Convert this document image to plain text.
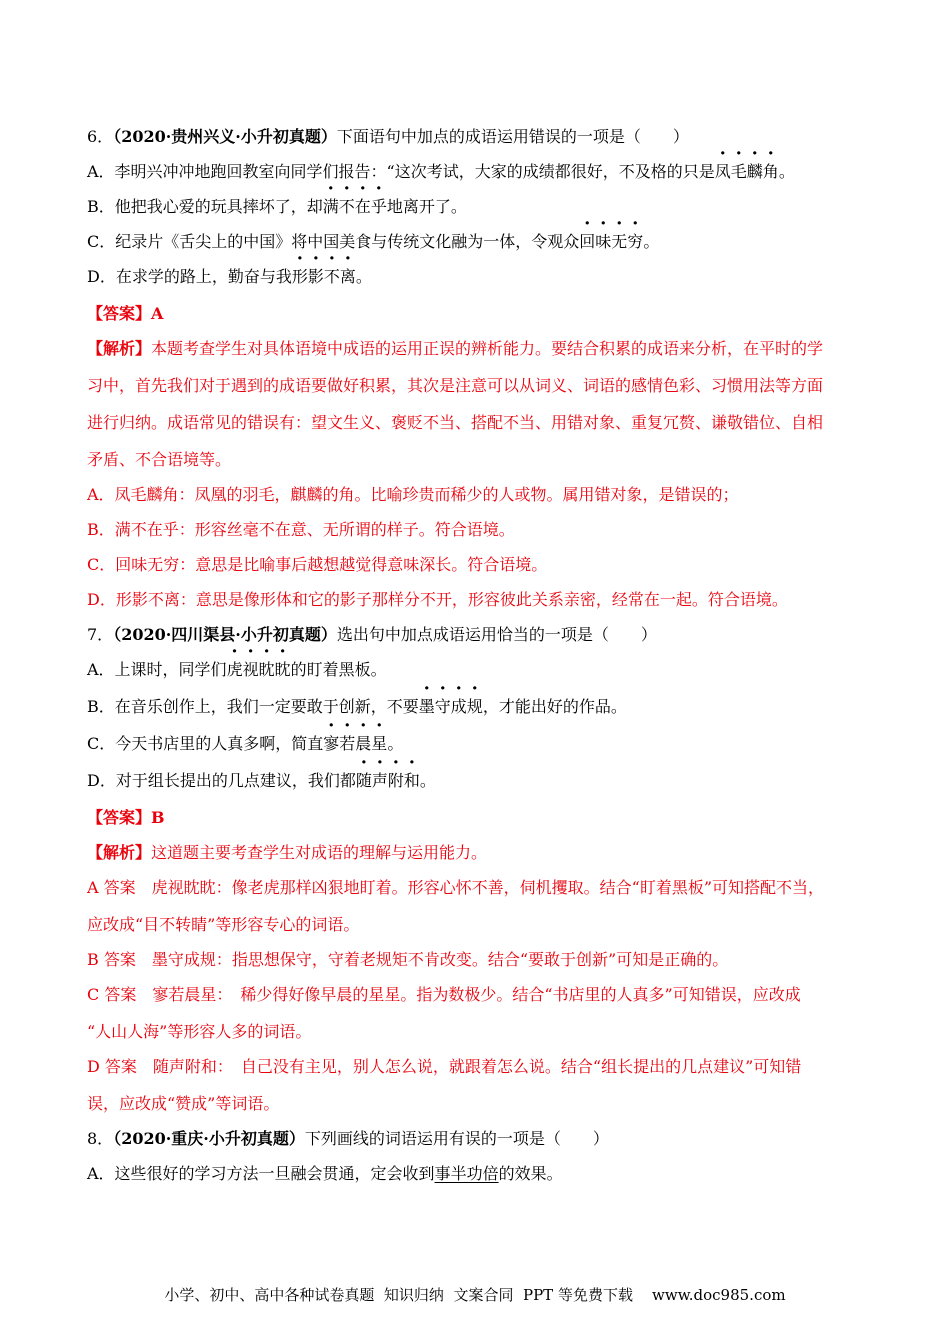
6．（2020·贵州兴义·小升初真题）下面语句中加点的成语运用错误的一项是（　　）

A．李明兴冲冲地跑回教室向同学们报告：“这次考试，大家的成绩都很好，不及格的只是凤毛麟角。

B．他把我心爱的玩具摔坏了，却满不在乎地离开了。

C．纪录片《舌尖上的中国》将中国美食与传统文化融为一体，令观众回味无穷。

D．在求学的路上，勤奋与我形影不离。

【答案】A

【解析】本题考查学生对具体语境中成语的运用正误的辨析能力。要结合积累的成语来分析，在平时的学

习中，首先我们对于遇到的成语要做好积累，其次是注意可以从词义、词语的感情色彩、习惯用法等方面

进行归纳。成语常见的错误有：望文生义、褒贬不当、搭配不当、用错对象、重复冗赘、谦敬错位、自相

矛盾、不合语境等。

A．凤毛麟角：凤凰的羽毛，麒麟的角。比喻珍贵而稀少的人或物。属用错对象，是错误的；

B．满不在乎：形容丝毫不在意、无所谓的样子。符合语境。

C．回味无穷：意思是比喻事后越想越觉得意味深长。符合语境。

D．形影不离：意思是像形体和它的影子那样分不开，形容彼此关系亲密，经常在一起。符合语境。

7．（2020·四川渠县·小升初真题）选出句中加点成语运用恰当的一项是（　　）

A．上课时，同学们虎视眈眈的盯着黑板。

B．在音乐创作上，我们一定要敢于创新，不要墨守成规，才能出好的作品。

C．今天书店里的人真多啊，简直寥若晨星。

D．对于组长提出的几点建议，我们都随声附和。

【答案】B

【解析】这道题主要考查学生对成语的理解与运用能力。

A 答案　虎视眈眈：像老虎那样凶狠地盯着。形容心怀不善，伺机攫取。结合“盯着黑板”可知搭配不当，

应改成“目不转睛”等形容专心的词语。

B 答案　墨守成规：指思想保守，守着老规矩不肯改变。结合“要敢于创新”可知是正确的。

C 答案　寥若晨星：　稀少得好像早晨的星星。指为数极少。结合“书店里的人真多”可知错误，应改成

“人山人海”等形容人多的词语。

D 答案　随声附和：　自己没有主见，别人怎么说，就跟着怎么说。结合“组长提出的几点建议”可知错

误，应改成“赞成”等词语。

8．（2020·重庆·小升初真题）下列画线的词语运用有误的一项是（　　）

A．这些很好的学习方法一旦融会贯通，定会收到事半功倍的效果。

小学、初中、高中各种试卷真题  知识归纳  文案合同  PPT 等免费下载    www.doc985.com
